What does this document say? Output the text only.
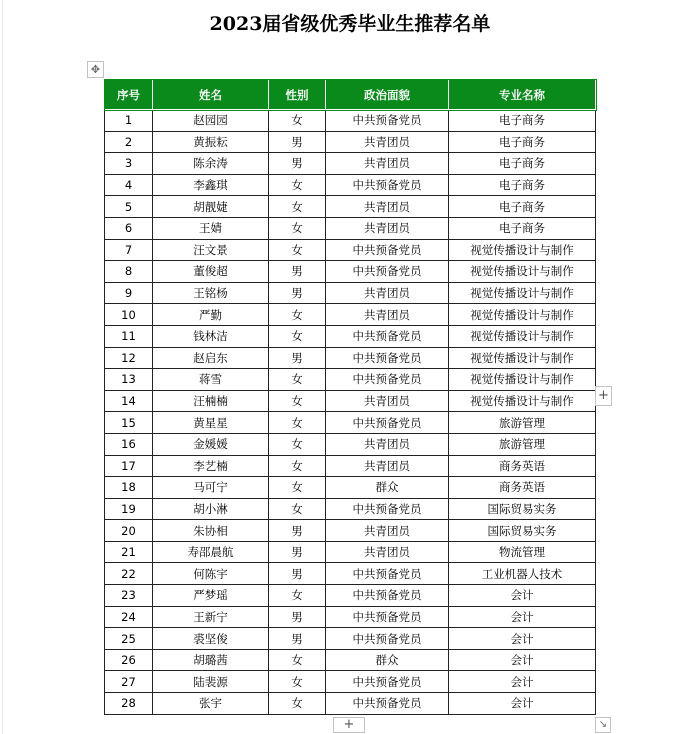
2023届省级优秀毕业生推荐名单
✥
序号	姓名	性别	政治面貌	专业名称
1	赵园园	女	中共预备党员	电子商务
2	黄振耘	男	共青团员	电子商务
3	陈余涛	男	共青团员	电子商务
4	李鑫琪	女	中共预备党员	电子商务
5	胡靓婕	女	共青团员	电子商务
6	王婧	女	共青团员	电子商务
7	汪文景	女	中共预备党员	视觉传播设计与制作
8	董俊超	男	中共预备党员	视觉传播设计与制作
9	王铭杨	男	共青团员	视觉传播设计与制作
10	严勤	女	共青团员	视觉传播设计与制作
11	钱林洁	女	中共预备党员	视觉传播设计与制作
12	赵启东	男	中共预备党员	视觉传播设计与制作
13	蒋雪	女	中共预备党员	视觉传播设计与制作
14	汪楠楠	女	共青团员	视觉传播设计与制作
15	黄星星	女	中共预备党员	旅游管理
16	金媛媛	女	共青团员	旅游管理
17	李艺楠	女	共青团员	商务英语
18	马可宁	女	群众	商务英语
19	胡小淋	女	中共预备党员	国际贸易实务
20	朱协相	男	共青团员	国际贸易实务
21	寿邵晨航	男	共青团员	物流管理
22	何陈宇	男	中共预备党员	工业机器人技术
23	严梦瑶	女	中共预备党员	会计
24	王新宁	男	中共预备党员	会计
25	裘坚俊	男	中共预备党员	会计
26	胡璐茜	女	群众	会计
27	陆裴源	女	中共预备党员	会计
28	张宇	女	中共预备党员	会计
+
+	↘
